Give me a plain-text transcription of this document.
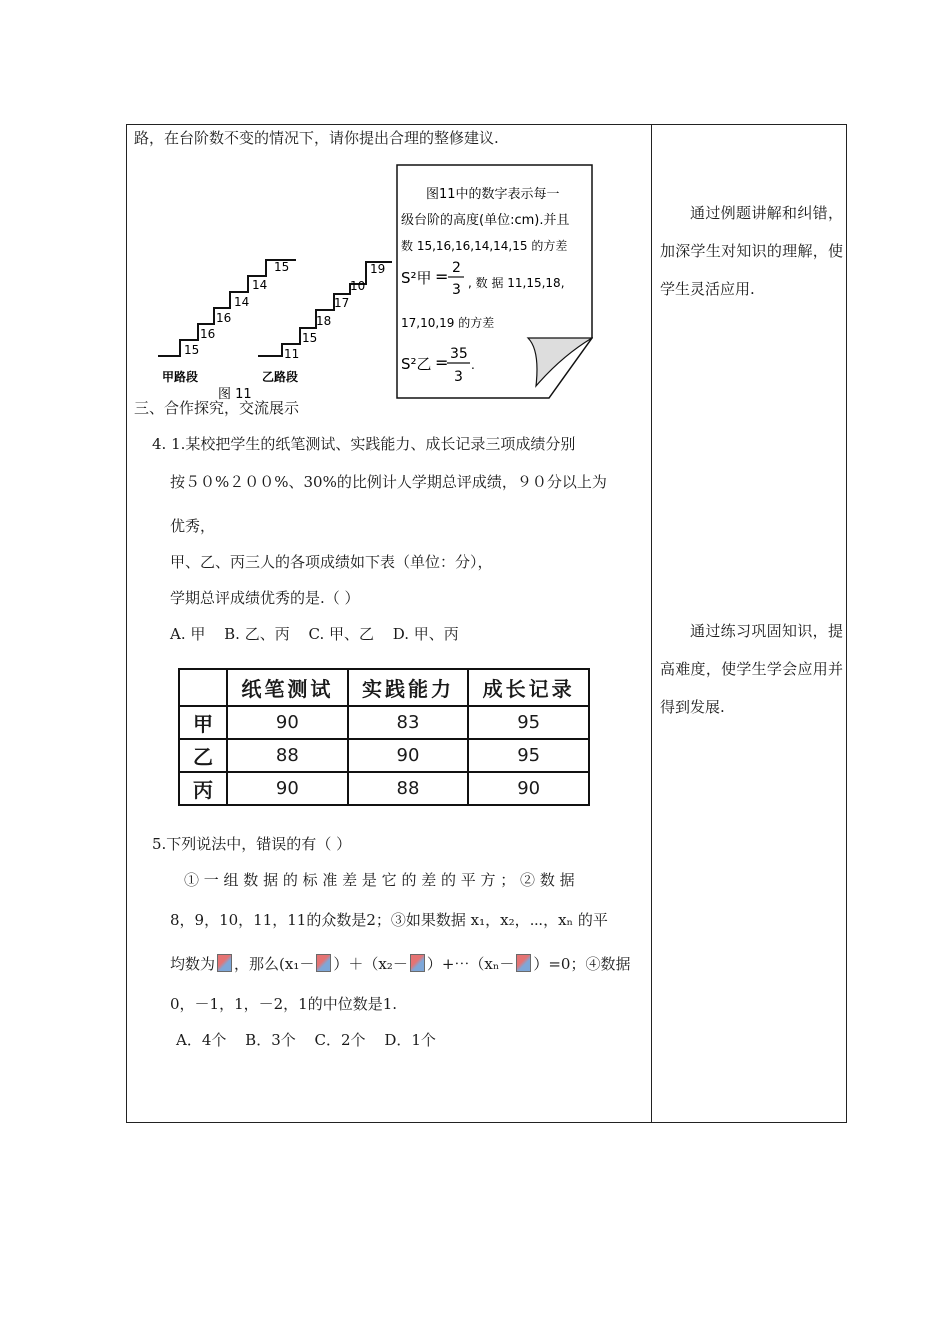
路，在台阶数不变的情况下，请你提出合理的整修建议.
15
16
16
14
14
15
甲路段
11
15
18
17
10
19
乙路段
图 11
图11中的数字表示每一
级台阶的高度(单位:cm).并且
数 15,16,16,14,14,15 的方差
S²甲 = 2
3 , 数 据 11,15,18,
17,10,19 的方差
S²乙 = 35
3
.
三、合作探究，交流展示
4. 1.某校把学生的纸笔测试、实践能力、成长记录三项成绩分别
按５０%２００%、30%的比例计人学期总评成绩，９０分以上为
优秀，
甲、乙、丙三人的各项成绩如下表（单位：分），
学期总评成绩优秀的是.（ ）
A. 甲 B. 乙、丙 C. 甲、乙 D. 甲、丙
	纸笔测试	实践能力	成长记录
甲	90	83	95
乙	88	90	95
丙	90	88	90
5.下列说法中，错误的有（ ）
① 一 组 数 据 的 标 准 差 是 它 的 差 的 平 方 ； ② 数 据
8，9，10，11，11的众数是2；③如果数据 x₁，x₂，⋯，xₙ 的平
均数为 ，那么(x₁－ ）＋（x₂－ ）+⋯（xₙ－ ）=0；④数据
0，－1，1，－2，1的中位数是1.
A．4个 B．3个 C．2个 D．1个

通过例题讲解和纠错，加深学生对知识的理解，使学生灵活应用.

通过练习巩固知识，提高难度，使学生学会应用并得到发展.
